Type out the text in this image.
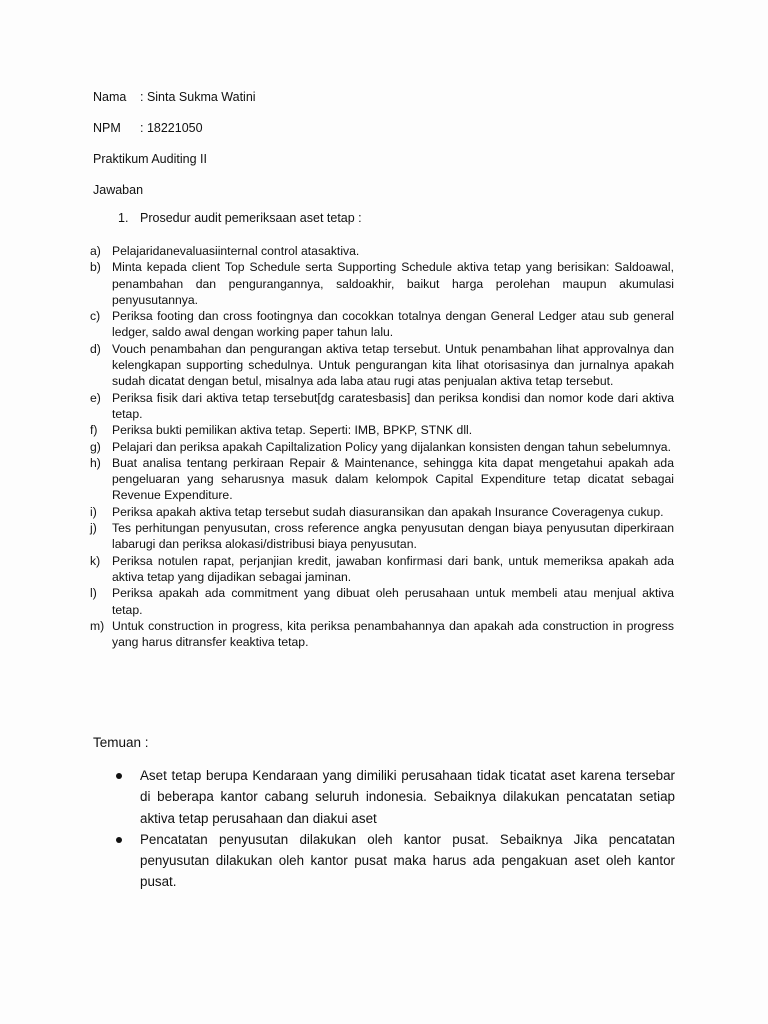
Nama : Sinta Sukma Watini
NPM : 18221050
Praktikum Auditing II
Jawaban
1. Prosedur audit pemeriksaan aset tetap :
a) Pelajaridanevaluasiinternal control atasaktiva.
b) Minta kepada client Top Schedule serta Supporting Schedule aktiva tetap yang berisikan: Saldoawal, penambahan dan pengurangannya, saldoakhir, baikut harga perolehan maupun akumulasi penyusutannya.
c) Periksa footing dan cross footingnya dan cocokkan totalnya dengan General Ledger atau sub general ledger, saldo awal dengan working paper tahun lalu.
d) Vouch penambahan dan pengurangan aktiva tetap tersebut. Untuk penambahan lihat approvalnya dan kelengkapan supporting schedulnya. Untuk pengurangan kita lihat otorisasinya dan jurnalnya apakah sudah dicatat dengan betul, misalnya ada laba atau rugi atas penjualan aktiva tetap tersebut.
e) Periksa fisik dari aktiva tetap tersebut[dg caratesbasis] dan periksa kondisi dan nomor kode dari aktiva tetap.
f) Periksa bukti pemilikan aktiva tetap. Seperti: IMB, BPKP, STNK dll.
g) Pelajari dan periksa apakah Capiltalization Policy yang dijalankan konsisten dengan tahun sebelumnya.
h) Buat analisa tentang perkiraan Repair & Maintenance, sehingga kita dapat mengetahui apakah ada pengeluaran yang seharusnya masuk dalam kelompok Capital Expenditure tetap dicatat sebagai Revenue Expenditure.
i) Periksa apakah aktiva tetap tersebut sudah diasuransikan dan apakah Insurance Coveragenya cukup.
j) Tes perhitungan penyusutan, cross reference angka penyusutan dengan biaya penyusutan diperkiraan labarugi dan periksa alokasi/distribusi biaya penyusutan.
k) Periksa notulen rapat, perjanjian kredit, jawaban konfirmasi dari bank, untuk memeriksa apakah ada aktiva tetap yang dijadikan sebagai jaminan.
l) Periksa apakah ada commitment yang dibuat oleh perusahaan untuk membeli atau menjual aktiva tetap.
m) Untuk construction in progress, kita periksa penambahannya dan apakah ada construction in progress yang harus ditransfer keaktiva tetap.
Temuan :
Aset tetap berupa Kendaraan yang dimiliki perusahaan tidak ticatat aset karena tersebar di beberapa kantor cabang seluruh indonesia. Sebaiknya dilakukan pencatatan setiap aktiva tetap perusahaan dan diakui aset
Pencatatan penyusutan dilakukan oleh kantor pusat. Sebaiknya Jika pencatatan penyusutan dilakukan oleh kantor pusat maka harus ada pengakuan aset oleh kantor pusat.
